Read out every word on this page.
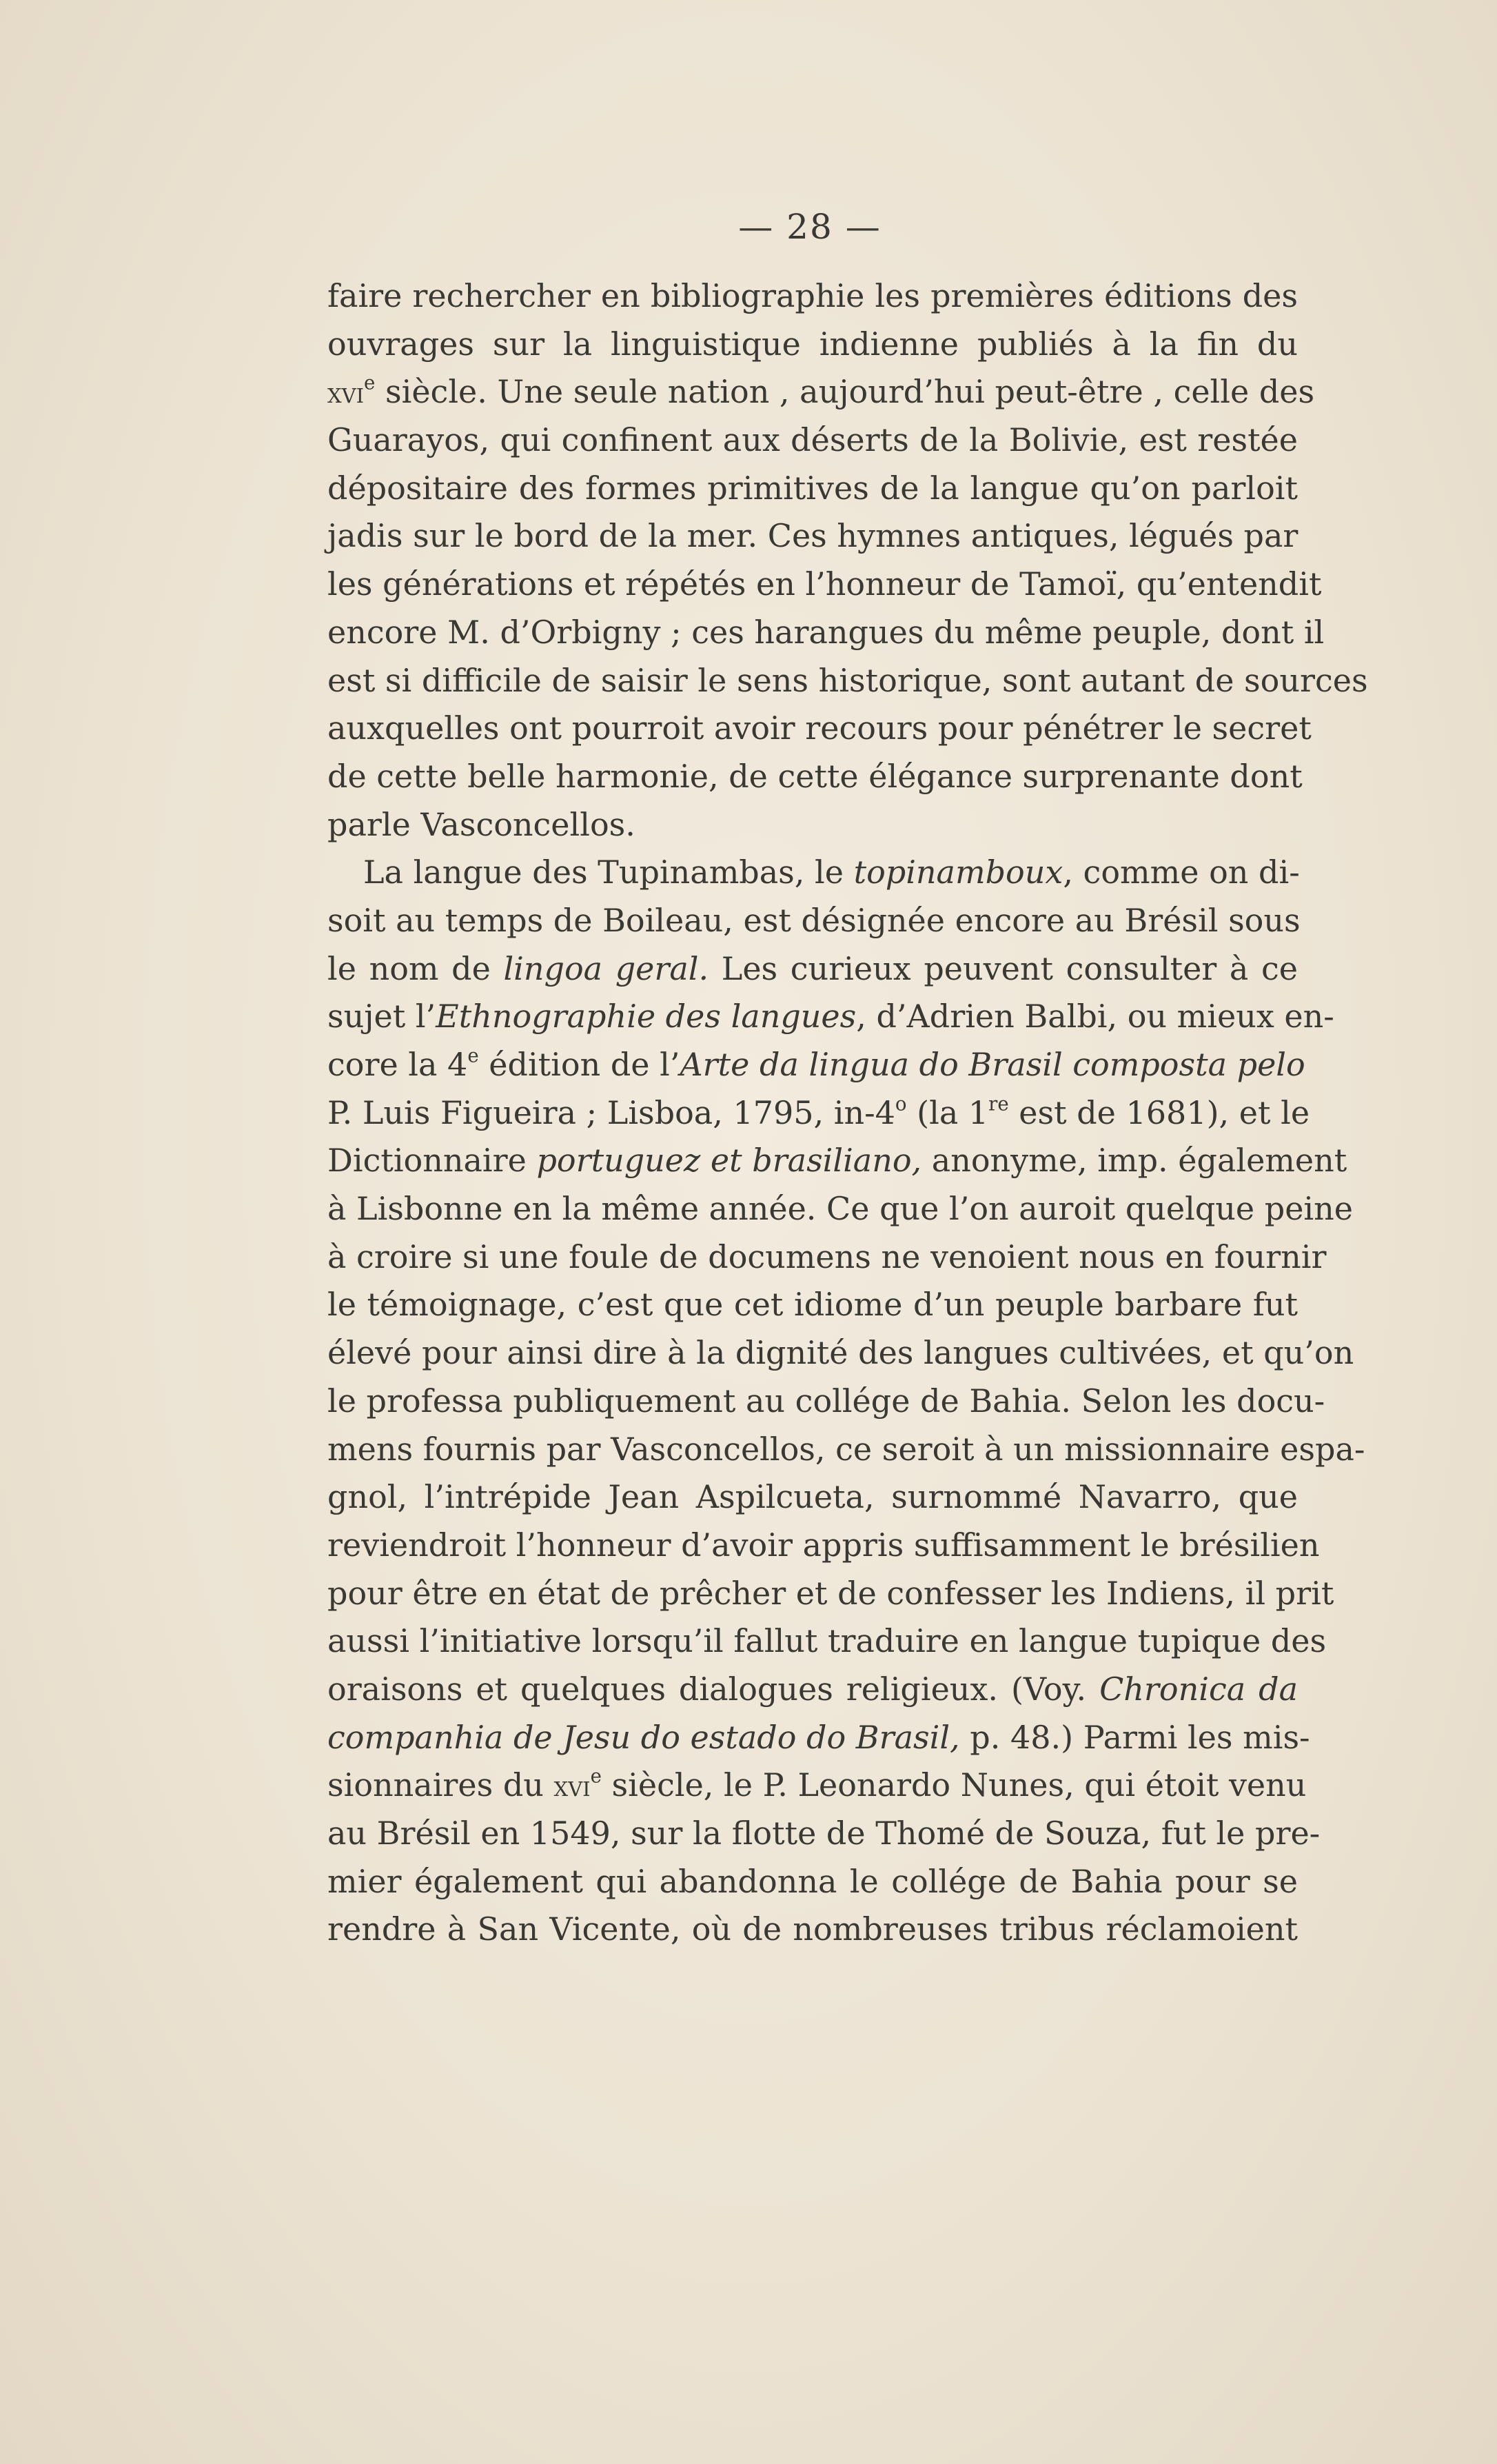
— 28 —
faire rechercher en bibliographie les premières éditions des
ouvrages sur la linguistique indienne publiés à la fin du
xvi$^e$ siècle. Une seule nation , aujourd’hui peut-être , celle des
Guarayos, qui confinent aux déserts de la Bolivie, est restée
dépositaire des formes primitives de la langue qu’on parloit
jadis sur le bord de la mer. Ces hymnes antiques, légués par
les générations et répétés en l’honneur de Tamoï, qu’entendit
encore M. d’Orbigny ; ces harangues du même peuple, dont il
est si difficile de saisir le sens historique, sont autant de sources
auxquelles ont pourroit avoir recours pour pénétrer le secret
de cette belle harmonie, de cette élégance surprenante dont
parle Vasconcellos.
La langue des Tupinambas, le topinamboux, comme on di-
soit au temps de Boileau, est désignée encore au Brésil sous
le nom de lingoa geral. Les curieux peuvent consulter à ce
sujet l’Ethnographie des langues, d’Adrien Balbi, ou mieux en-
core la 4e édition de l’Arte da lingua do Brasil composta pelo
P. Luis Figueira ; Lisboa, 1795, in-4$^o$ (la 1re est de 1681), et le
Dictionnaire portuguez et brasiliano, anonyme, imp. également
à Lisbonne en la même année. Ce que l’on auroit quelque peine
à croire si une foule de documens ne venoient nous en fournir
le témoignage, c’est que cet idiome d’un peuple barbare fut
élevé pour ainsi dire à la dignité des langues cultivées, et qu’on
le professa publiquement au collége de Bahia. Selon les docu-
mens fournis par Vasconcellos, ce seroit à un missionnaire espa-
gnol, l’intrépide Jean Aspilcueta, surnommé Navarro, que
reviendroit l’honneur d’avoir appris suffisamment le brésilien
pour être en état de prêcher et de confesser les Indiens, il prit
aussi l’initiative lorsqu’il fallut traduire en langue tupique des
oraisons et quelques dialogues religieux. (Voy. Chronica da
companhia de Jesu do estado do Brasil, p. 48.) Parmi les mis-
sionnaires du xvi$^e$ siècle, le P. Leonardo Nunes, qui étoit venu
au Brésil en 1549, sur la flotte de Thomé de Souza, fut le pre-
mier également qui abandonna le collége de Bahia pour se
rendre à San Vicente, où de nombreuses tribus réclamoient
